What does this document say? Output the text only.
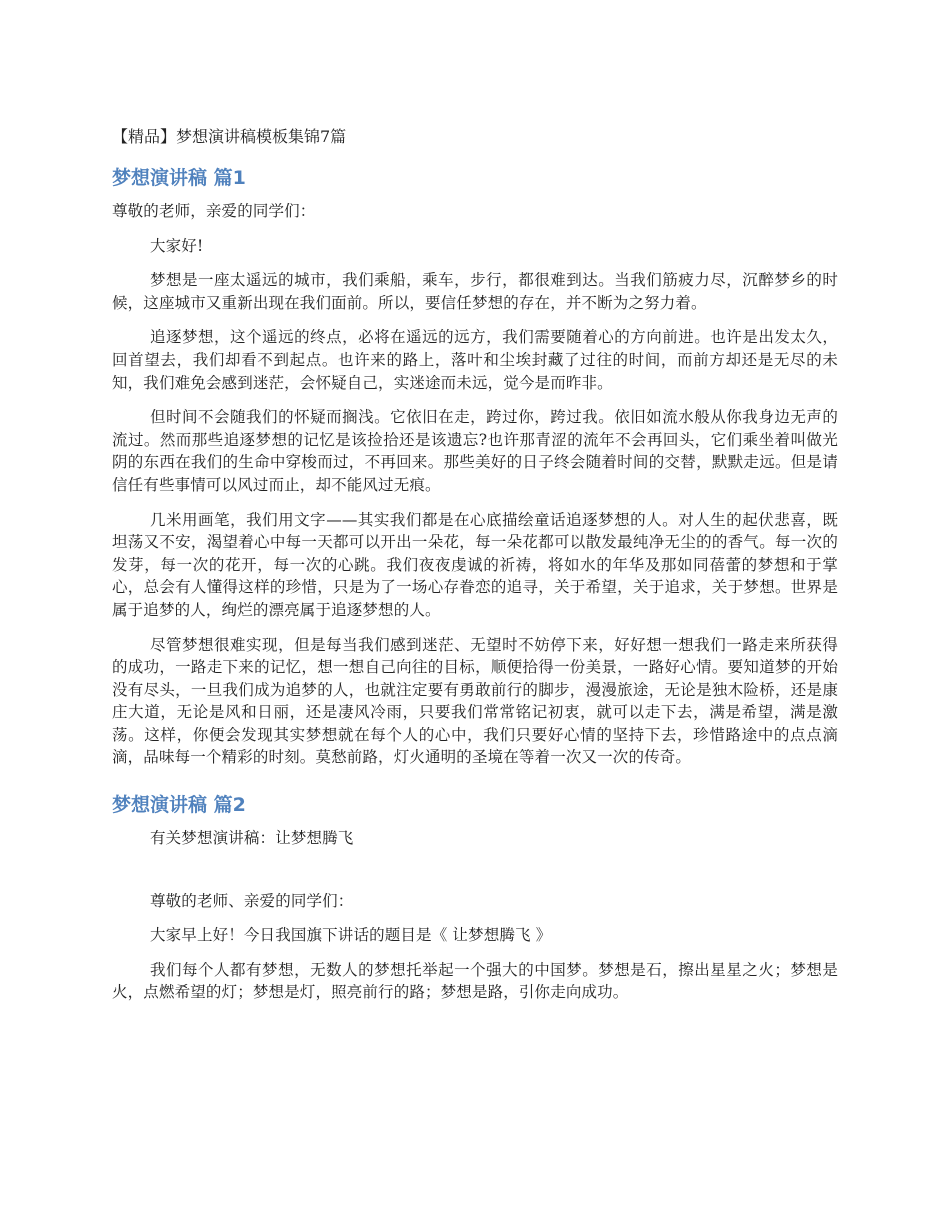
【精品】梦想演讲稿模板集锦7篇
梦想演讲稿 篇1

尊敬的老师，亲爱的同学们：

大家好!

梦想是一座太遥远的城市，我们乘船，乘车，步行，都很难到达。当我们筋疲力尽，沉醉梦乡的时候，这座城市又重新出现在我们面前。所以，要信任梦想的存在，并不断为之努力着。

追逐梦想，这个遥远的终点，必将在遥远的远方，我们需要随着心的方向前进。也许是出发太久，回首望去，我们却看不到起点。也许来的路上，落叶和尘埃封藏了过往的时间，而前方却还是无尽的未知，我们难免会感到迷茫，会怀疑自己，实迷途而未远，觉今是而昨非。

但时间不会随我们的怀疑而搁浅。它依旧在走，跨过你，跨过我。依旧如流水般从你我身边无声的流过。然而那些追逐梦想的记忆是该捡拾还是该遗忘?也许那青涩的流年不会再回头，它们乘坐着叫做光阴的东西在我们的生命中穿梭而过，不再回来。那些美好的日子终会随着时间的交替，默默走远。但是请信任有些事情可以风过而止，却不能风过无痕。

几米用画笔，我们用文字——其实我们都是在心底描绘童话追逐梦想的人。对人生的起伏悲喜，既坦荡又不安，渴望着心中每一天都可以开出一朵花，每一朵花都可以散发最纯净无尘的的香气。每一次的发芽，每一次的花开，每一次的心跳。我们夜夜虔诚的祈祷，将如水的年华及那如同蓓蕾的梦想和于掌心，总会有人懂得这样的珍惜，只是为了一场心存眷恋的追寻，关于希望，关于追求，关于梦想。世界是属于追梦的人，绚烂的漂亮属于追逐梦想的人。

尽管梦想很难实现，但是每当我们感到迷茫、无望时不妨停下来，好好想一想我们一路走来所获得的成功，一路走下来的记忆，想一想自己向往的目标，顺便拾得一份美景，一路好心情。要知道梦的开始没有尽头，一旦我们成为追梦的人，也就注定要有勇敢前行的脚步，漫漫旅途，无论是独木险桥，还是康庄大道，无论是风和日丽，还是凄风冷雨，只要我们常常铭记初衷，就可以走下去，满是希望，满是激荡。这样，你便会发现其实梦想就在每个人的心中，我们只要好心情的坚持下去，珍惜路途中的点点滴滴，品味每一个精彩的时刻。莫愁前路，灯火通明的圣境在等着一次又一次的传奇。

梦想演讲稿 篇2

有关梦想演讲稿：让梦想腾飞

尊敬的老师、亲爱的同学们：

大家早上好！今日我国旗下讲话的题目是《 让梦想腾飞 》

我们每个人都有梦想，无数人的梦想托举起一个强大的中国梦。梦想是石，擦出星星之火；梦想是火，点燃希望的灯；梦想是灯，照亮前行的路；梦想是路，引你走向成功。
